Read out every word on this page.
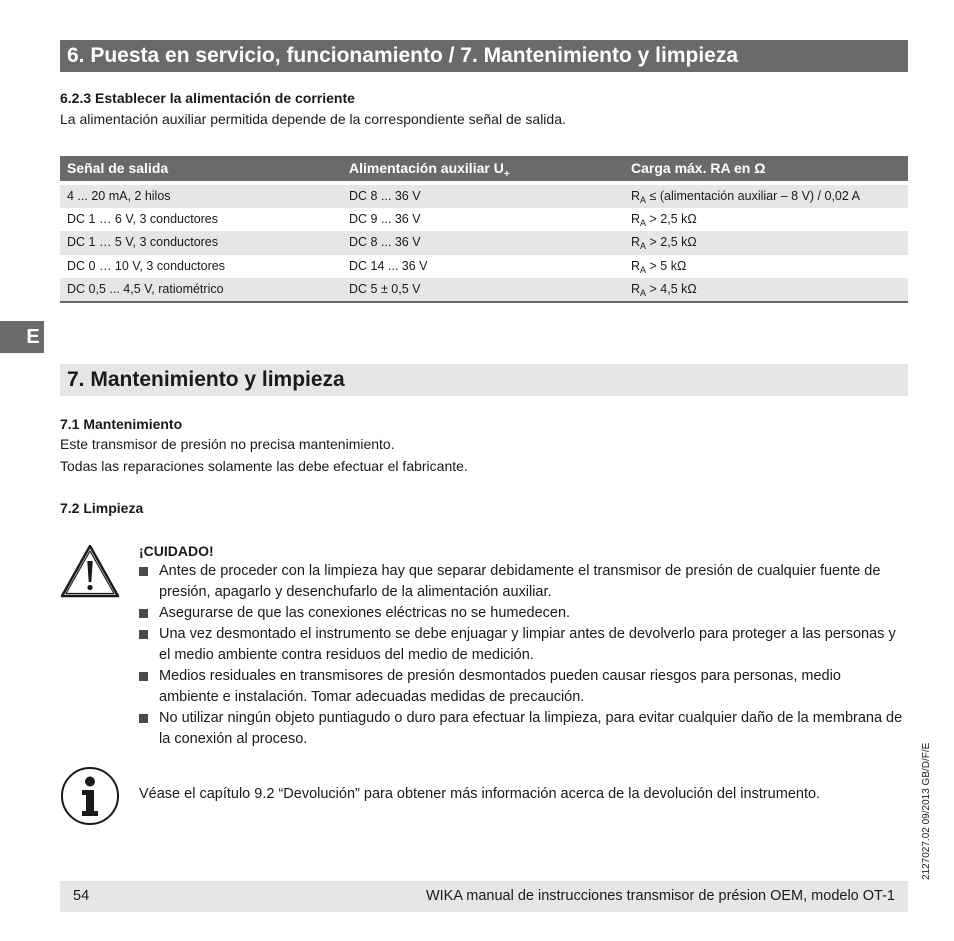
6. Puesta en servicio, funcionamiento / 7. Mantenimiento y limpieza
E
6.2.3 Establecer la alimentación de corriente
La alimentación auxiliar permitida depende de la correspondiente señal de salida.
Señal de salida	Alimentación auxiliar $U_+$	Carga máx. RA en Ω
4 ... 20 mA, 2 hilos	DC 8 ... 36 V	$R_A$ ≤ (alimentación auxiliar – 8 V) / 0,02 A
DC 1 … 6 V, 3 conductores	DC 9 ... 36 V	$R_A > 2,5$ kΩ
DC 1 … 5 V, 3 conductores	DC 8 ... 36 V	$R_A > 2,5$ kΩ
DC 0 … 10 V, 3 conductores	DC 14 ... 36 V	$R_A > 5$ kΩ
DC 0,5 ... 4,5 V, ratiométrico	DC 5 ± 0,5 V	$R_A > 4,5$ kΩ
7. Mantenimiento y limpieza
7.1 Mantenimiento
Este transmisor de presión no precisa mantenimiento.
Todas las reparaciones solamente las debe efectuar el fabricante.
7.2 Limpieza
¡CUIDADO!
Antes de proceder con la limpieza hay que separar debidamente el transmisor de presión de cualquier fuente de presión, apagarlo y desenchufarlo de la alimentación auxiliar.
Asegurarse de que las conexiones eléctricas no se humedecen.
Una vez desmontado el instrumento se debe enjuagar y limpiar antes de devolverlo para proteger a las personas y el medio ambiente contra residuos del medio de medición.
Medios residuales en transmisores de presión desmontados pueden causar riesgos para personas, medio ambiente e instalación. Tomar adecuadas medidas de precaución.
No utilizar ningún objeto puntiagudo o duro para efectuar la limpieza, para evitar cualquier daño de la membrana de la conexión al proceso.
Véase el capítulo 9.2 “Devolución” para obtener más información acerca de la devolución del instrumento.	2127027.02 09/2013 GB/D/F/E
54	WIKA manual de instrucciones transmisor de présion OEM, modelo OT-1
